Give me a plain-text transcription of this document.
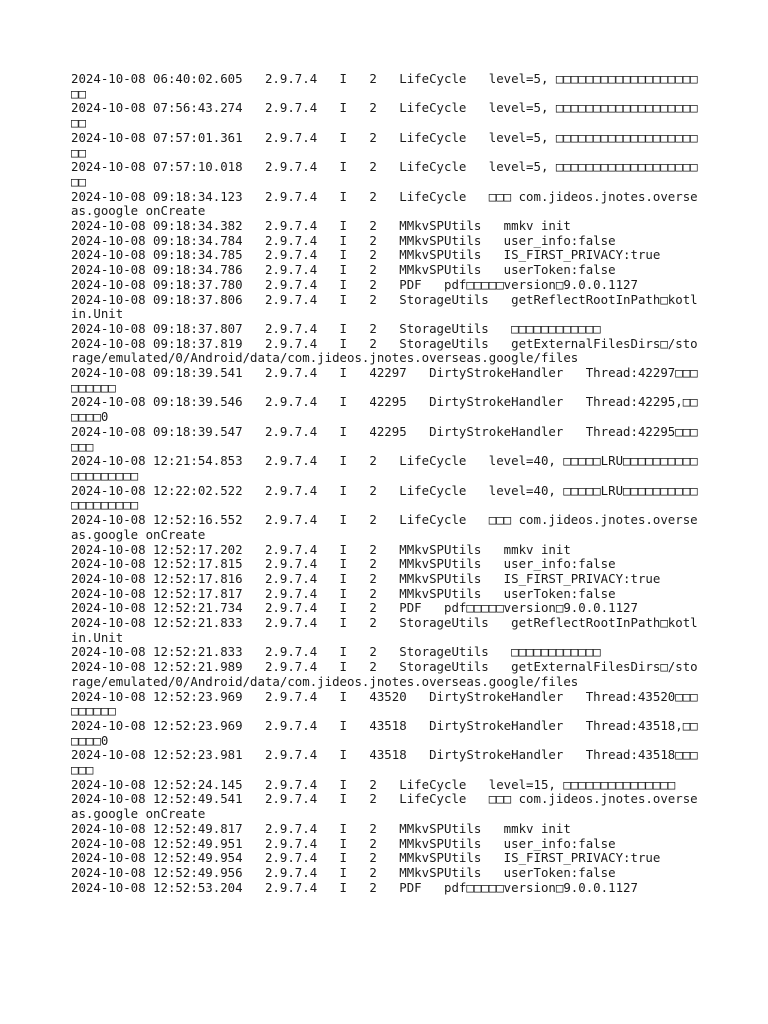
2024-10-08 06:40:02.605   2.9.7.4   I   2   LifeCycle   level=5, □□□□□□□□□□□□□□□□□□□□□
2024-10-08 07:56:43.274   2.9.7.4   I   2   LifeCycle   level=5, □□□□□□□□□□□□□□□□□□□□□
2024-10-08 07:57:01.361   2.9.7.4   I   2   LifeCycle   level=5, □□□□□□□□□□□□□□□□□□□□□
2024-10-08 07:57:10.018   2.9.7.4   I   2   LifeCycle   level=5, □□□□□□□□□□□□□□□□□□□□□
2024-10-08 09:18:34.123   2.9.7.4   I   2   LifeCycle   □□□ com.jideos.jnotes.overseas.google onCreate
2024-10-08 09:18:34.382   2.9.7.4   I   2   MMkvSPUtils   mmkv init
2024-10-08 09:18:34.784   2.9.7.4   I   2   MMkvSPUtils   user_info:false
2024-10-08 09:18:34.785   2.9.7.4   I   2   MMkvSPUtils   IS_FIRST_PRIVACY:true
2024-10-08 09:18:34.786   2.9.7.4   I   2   MMkvSPUtils   userToken:false
2024-10-08 09:18:37.780   2.9.7.4   I   2   PDF   pdf□□□□□version□9.0.0.1127
2024-10-08 09:18:37.806   2.9.7.4   I   2   StorageUtils   getReflectRootInPath□kotlin.Unit
2024-10-08 09:18:37.807   2.9.7.4   I   2   StorageUtils   □□□□□□□□□□□□
2024-10-08 09:18:37.819   2.9.7.4   I   2   StorageUtils   getExternalFilesDirs□/storage/emulated/0/Android/data/com.jideos.jnotes.overseas.google/files
2024-10-08 09:18:39.541   2.9.7.4   I   42297   DirtyStrokeHandler   Thread:42297□□□□□□□□□
2024-10-08 09:18:39.546   2.9.7.4   I   42295   DirtyStrokeHandler   Thread:42295,□□□□□□0
2024-10-08 09:18:39.547   2.9.7.4   I   42295   DirtyStrokeHandler   Thread:42295□□□□□□
2024-10-08 12:21:54.853   2.9.7.4   I   2   LifeCycle   level=40, □□□□□LRU□□□□□□□□□□□□□□□□□□□
2024-10-08 12:22:02.522   2.9.7.4   I   2   LifeCycle   level=40, □□□□□LRU□□□□□□□□□□□□□□□□□□□
2024-10-08 12:52:16.552   2.9.7.4   I   2   LifeCycle   □□□ com.jideos.jnotes.overseas.google onCreate
2024-10-08 12:52:17.202   2.9.7.4   I   2   MMkvSPUtils   mmkv init
2024-10-08 12:52:17.815   2.9.7.4   I   2   MMkvSPUtils   user_info:false
2024-10-08 12:52:17.816   2.9.7.4   I   2   MMkvSPUtils   IS_FIRST_PRIVACY:true
2024-10-08 12:52:17.817   2.9.7.4   I   2   MMkvSPUtils   userToken:false
2024-10-08 12:52:21.734   2.9.7.4   I   2   PDF   pdf□□□□□version□9.0.0.1127
2024-10-08 12:52:21.833   2.9.7.4   I   2   StorageUtils   getReflectRootInPath□kotlin.Unit
2024-10-08 12:52:21.833   2.9.7.4   I   2   StorageUtils   □□□□□□□□□□□□
2024-10-08 12:52:21.989   2.9.7.4   I   2   StorageUtils   getExternalFilesDirs□/storage/emulated/0/Android/data/com.jideos.jnotes.overseas.google/files
2024-10-08 12:52:23.969   2.9.7.4   I   43520   DirtyStrokeHandler   Thread:43520□□□□□□□□□
2024-10-08 12:52:23.969   2.9.7.4   I   43518   DirtyStrokeHandler   Thread:43518,□□□□□□0
2024-10-08 12:52:23.981   2.9.7.4   I   43518   DirtyStrokeHandler   Thread:43518□□□□□□
2024-10-08 12:52:24.145   2.9.7.4   I   2   LifeCycle   level=15, □□□□□□□□□□□□□□□
2024-10-08 12:52:49.541   2.9.7.4   I   2   LifeCycle   □□□ com.jideos.jnotes.overseas.google onCreate
2024-10-08 12:52:49.817   2.9.7.4   I   2   MMkvSPUtils   mmkv init
2024-10-08 12:52:49.951   2.9.7.4   I   2   MMkvSPUtils   user_info:false
2024-10-08 12:52:49.954   2.9.7.4   I   2   MMkvSPUtils   IS_FIRST_PRIVACY:true
2024-10-08 12:52:49.956   2.9.7.4   I   2   MMkvSPUtils   userToken:false
2024-10-08 12:52:53.204   2.9.7.4   I   2   PDF   pdf□□□□□version□9.0.0.1127
